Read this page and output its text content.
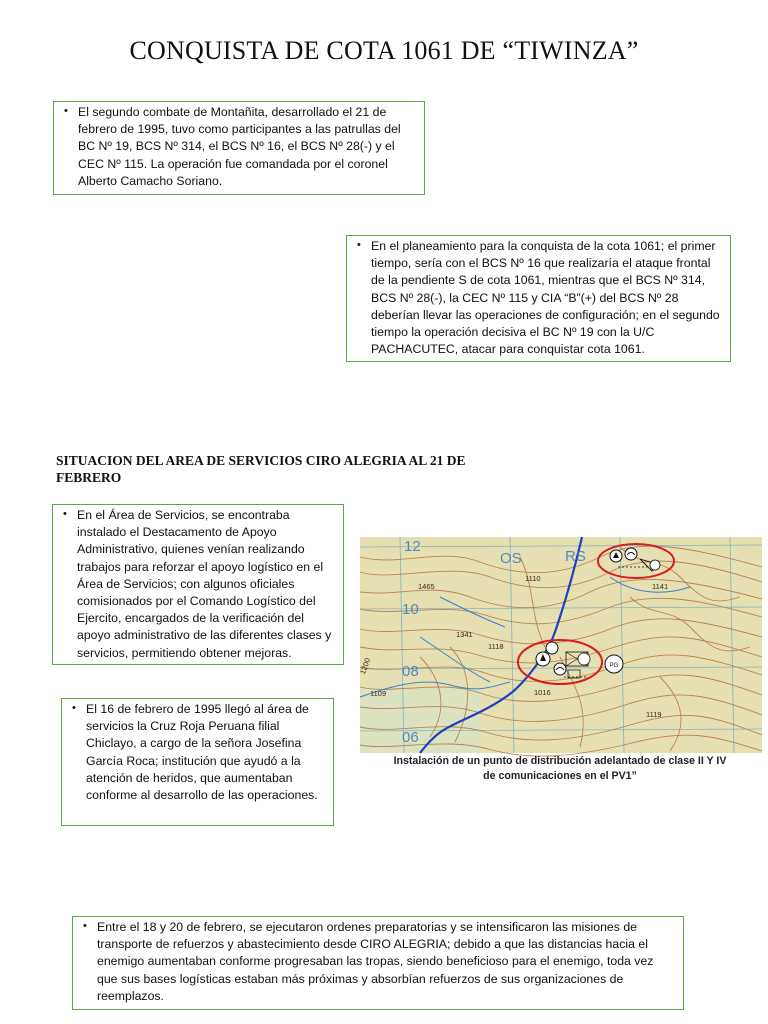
CONQUISTA DE COTA 1061 DE “TIWINZA”
• El segundo combate de Montañita, desarrollado el 21 de febrero de 1995, tuvo como participantes a las patrullas del BC Nº 19, BCS Nº 314, el BCS Nº 16, el BCS Nº 28(-) y el CEC Nº 115. La operación fue comandada por el coronel Alberto Camacho Soriano.
• En el planeamiento para la conquista de la cota 1061; el primer tiempo, sería con el BCS Nº 16 que realizaría el ataque frontal de la pendiente S de cota 1061, mientras que el BCS Nº 314, BCS Nº 28(-), la CEC Nº 115 y CIA “B”(+) del BCS Nº 28 deberían llevar las operaciones de configuración; en el segundo tiempo la operación decisiva el BC Nº 19 con la U/C PACHACUTEC, atacar para conquistar cota 1061.
SITUACION DEL AREA DE SERVICIOS CIRO ALEGRIA AL 21 DE FEBRERO
• En el Área de Servicios, se encontraba instalado el Destacamento de Apoyo Administrativo, quienes venían realizando trabajos para reforzar el apoyo logístico en el Área de Servicios; con algunos oficiales comisionados por el Comando Logístico del Ejercito, encargados de la verificación del apoyo administrativo de las diferentes clases y servicios, permitiendo obtener mejoras.
12
10
08
06
OS	RS
1465
1110
1141
1341
1118
1016
1109
1119
1200	PG
Instalación de un punto de distribución adelantado de clase II Y IV
de comunicaciones en el PV1”
• El 16 de febrero de 1995 llegó al área de servicios la Cruz Roja Peruana filial Chiclayo, a cargo de la señora Josefina García Roca; institución que ayudó a la atención de heridos, que aumentaban conforme al desarrollo de las operaciones.
• Entre el 18 y 20 de febrero, se ejecutaron ordenes preparatorias y se intensificaron las misiones de transporte de refuerzos y abastecimiento desde CIRO ALEGRIA; debido a que las distancias hacia el enemigo aumentaban conforme progresaban las tropas, siendo beneficioso para el enemigo, toda vez que sus bases logísticas estaban más próximas y absorbían refuerzos de sus organizaciones de reemplazos.
